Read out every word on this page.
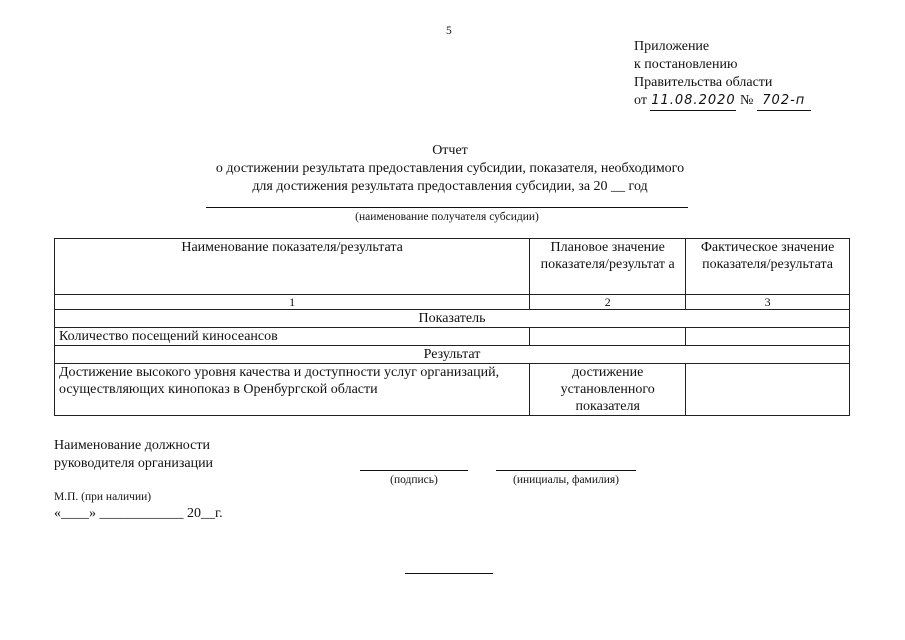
5
Приложение
к постановлению
Правительства области
от 11.08.2020 № 702-п
Отчет
о достижении результата предоставления субсидии, показателя, необходимого
для достижения результата предоставления субсидии, за 20 __ год
(наименование получателя субсидии)
Наименование показателя/результата	Плановое значение показателя/результат а	Фактическое значение показателя/результата
1	2	3
Показатель		
Количество посещений киносеансов		
Результат		
Достижение высокого уровня качества и доступности услуг организаций,
осуществляющих кинопоказ в Оренбургской области	достижение установленного показателя	
Наименование должности
руководителя организации
(подпись)	(инициалы, фамилия)
М.П. (при наличии)
«____» ____________ 20__г.
